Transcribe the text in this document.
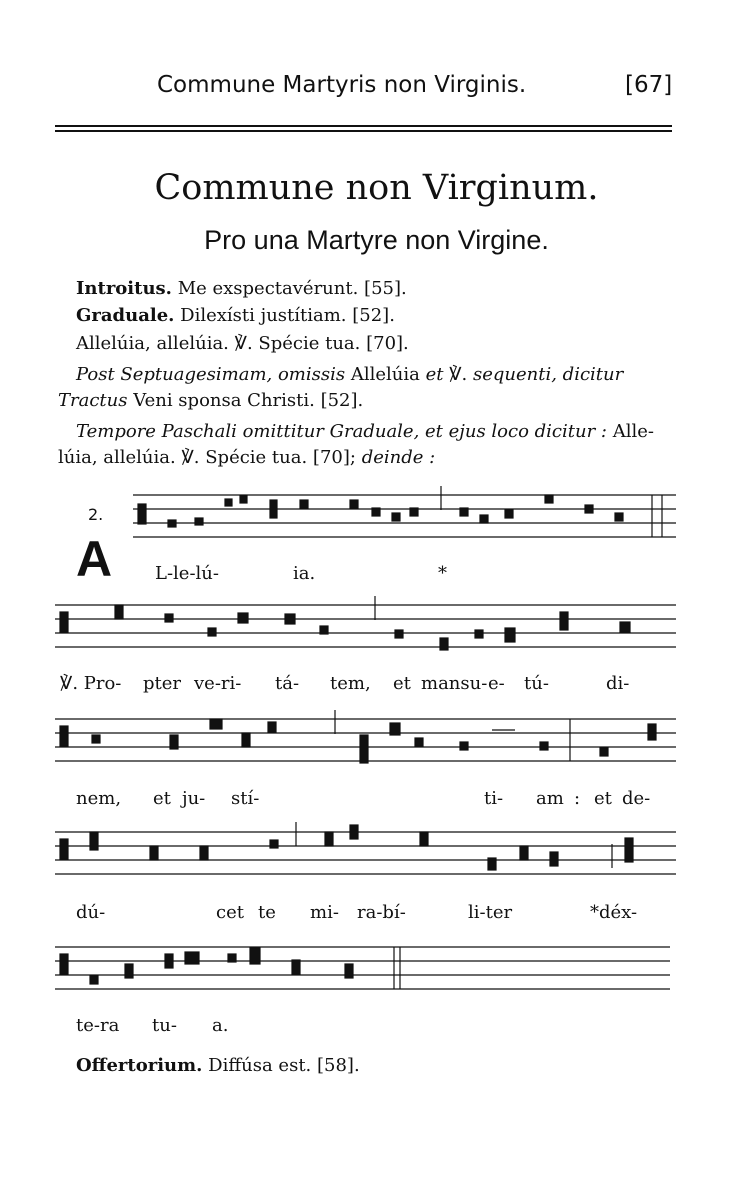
Commune Martyris non Virginis.	[67]
Commune non Virginum.
Pro una Martyre non Virgine.
Introitus. Me exspectavérunt. [55].
Graduale. Dilexísti justítiam. [52].
Allelúia, allelúia. ℣. Spécie tua. [70].
Post Septuagesimam, omissis Allelúia et ℣. sequenti, dicitur
Tractus Veni sponsa Christi. [52].
Tempore Paschali omittitur Graduale, et ejus loco dicitur : Alle-
lúia, allelúia. ℣. Spécie tua. [70]; deinde :
2.
A L-le-lú-	ia.	*
℣. Pro- pter ve-ri- tá- tem, et mansu- e- tú-	di-
nem, et ju- stí-	ti- am : et de-
dú-	cet te mi- ra-bí-	li-ter	*déx-
te-ra tu- a.
Offertorium. Diffúsa est. [58].
